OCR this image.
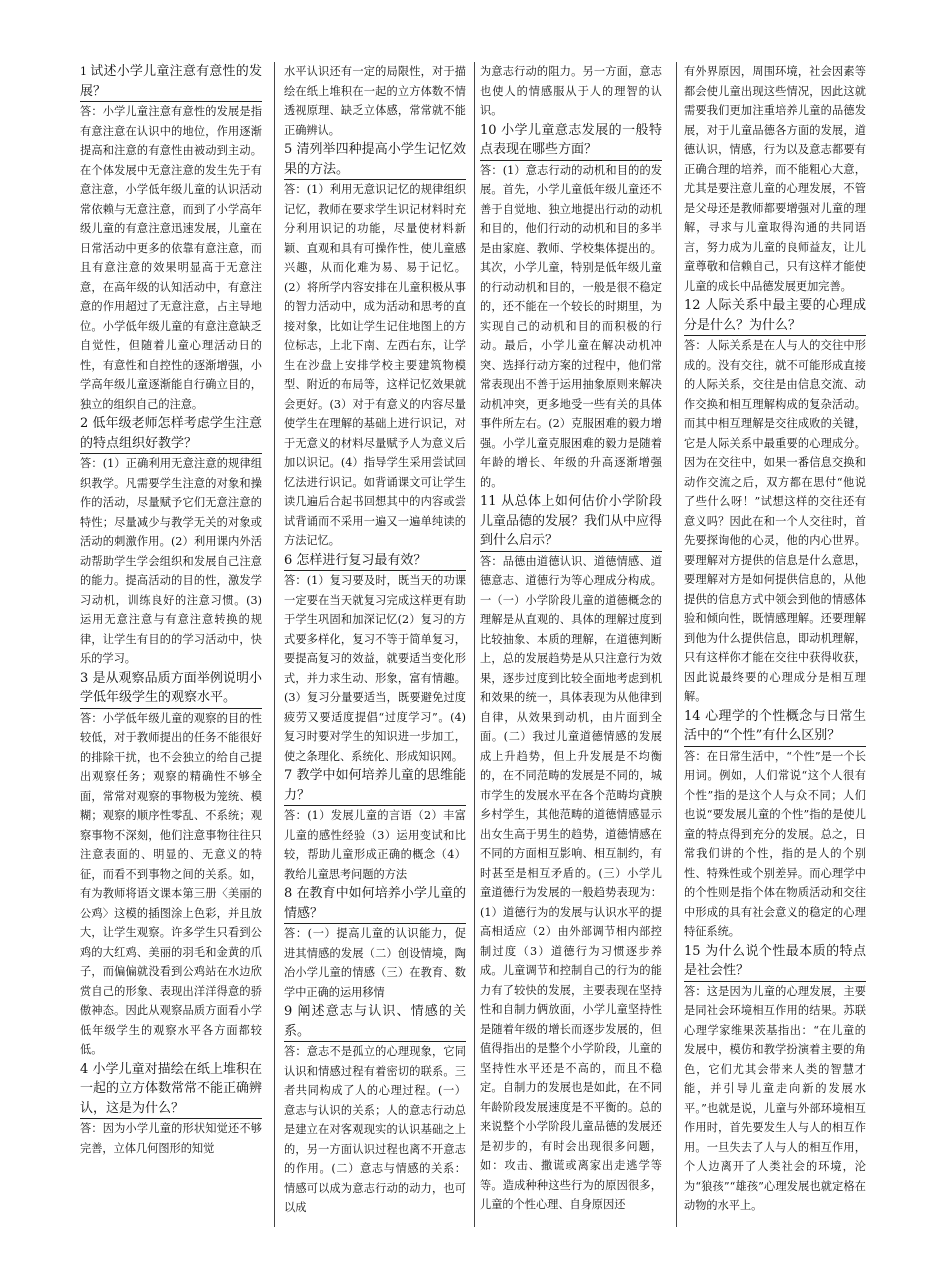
1 试述小学儿童注意有意性的发展？

答：小学儿童注意有意性的发展是指有意注意在认识中的地位，作用逐渐提高和注意的有意性由被动到主动。在个体发展中无意注意的发生先于有意注意，小学低年级儿童的认识活动常依赖与无意注意，而到了小学高年级儿童的有意注意迅速发展，儿童在日常活动中更多的依靠有意注意，而且有意注意的效果明显高于无意注意，在高年级的认知活动中，有意注意的作用超过了无意注意，占主导地位。小学低年级儿童的有意注意缺乏自觉性，但随着儿童心理活动日的性，有意性和自控性的逐渐增强，小学高年级儿童逐渐能自行确立目的，独立的组织自己的注意。

2 低年级老师怎样考虑学生注意的特点组织好教学？

答：(1）正确利用无意注意的规律组织教学。凡需要学生注意的对象和操作的活动，尽量赋予它们无意注意的特性；尽量减少与教学无关的对象或活动的刺激作用。(2）利用课内外活动帮助学生学会组织和发展自己注意的能力。提高活动的目的性，激发学习动机，训练良好的注意习惯。(3)运用无意注意与有意注意转换的规律，让学生有目的的学习活动中，快乐的学习。

3 是从观察品质方面举例说明小学低年级学生的观察水平。

答：小学低年级儿童的观察的目的性较低，对于教师提出的任务不能很好的排除干扰，也不会独立的给自己提出观察任务；观察的精确性不够全面，常常对观察的事物极为笼统、模糊；观察的顺序性零乱、不系统；观察事物不深刻，他们注意事物往往只注意表面的、明显的、无意义的特征，而看不到事物之间的关系。如，有为教师将语文课本第三册〈美丽的公鸡〉这模的插图涂上色彩，并且放大，让学生观察。许多学生只看到公鸡的大红鸡、美丽的羽毛和金黄的爪子，而偏偏就没看到公鸡站在水边欣赏自己的形象、表现出洋洋得意的骄傲神态。因此从观察品质方面看小学低年级学生的观察水平各方面都较低。

4 小学儿童对描绘在纸上堆积在一起的立方体数常常不能正确辨认，这是为什么？

答：因为小学儿童的形状知觉还不够完善，立体几何图形的知觉

水平认识还有一定的局限性，对于描绘在纸上堆积在一起的立方体数不情透视原理、缺乏立体感，常常就不能正确辨认。

5 清列举四种提高小学生记忆效果的方法。

答：(1）利用无意识记忆的规律组织记忆，教师在要求学生识记材料时充分利用识记的功能，尽量使材料新颖、直观和具有可操作性，使儿童感兴趣，从而化难为易、易于记忆。(2）将所学内容安排在儿童积极从事的智力活动中，成为活动和思考的直接对象，比如让学生记住地图上的方位标志，上北下南、左西右东，让学生在沙盘上安排学校主要建筑物模型、附近的布局等，这样记忆效果就会更好。(3）对于有意义的内容尽量使学生在理解的基础上进行识记，对于无意义的材料尽量赋予人为意义后加以识记。(4）指导学生采用尝试回忆法进行识记。如背诵课文可让学生读几遍后合起书回想其中的内容或尝试背诵而不采用一遍又一遍单纯读的方法记忆。

6 怎样进行复习最有效？

答：(1）复习要及时，既当天的功课一定要在当天就复习完成这样更有助于学生巩固和加深记忆(2）复习的方式要多样化，复习不等于简单复习，要提高复习的效益，就要适当变化形式，并力求生动、形象，富有情趣。(3）复习分量要适当，既要避免过度疲劳又要适度提倡“过度学习”。(4)复习时要对学生的知识进一步加工，使之条理化、系统化、形成知识网。

7 教学中如何培养儿童的思维能力？

答：(1）发展儿童的言语（2）丰富儿童的感性经验（3）运用变试和比较，帮助儿童形成正确的概念（4）教给儿童思考问题的方法

8 在教育中如何培养小学儿童的情感？

答：(一）提高儿童的认识能力，促进其情感的发展（二）创设情境，陶冶小学儿童的情感（三）在教育、数学中正确的运用移情

9 阐述意志与认识、情感的关系。

答：意志不是孤立的心理现象，它同认识和情感过程有着密切的联系。三者共同构成了人的心理过程。(一）意志与认识的关系；人的意志行动总是建立在对客观现实的认识基础之上的，另一方面认识过程也离不开意志的作用。(二）意志与情感的关系：情感可以成为意志行动的动力，也可以成

为意志行动的阻力。另一方面，意志也使人的情感服从于人的理智的认识。

10 小学儿童意志发展的一般特点表现在哪些方面？

答：(1）意志行动的动机和目的的发展。首先，小学儿童低年级儿童还不善于自觉地、独立地提出行动的动机和目的，他们行动的动机和目的多半是由家庭、教师、学校集体提出的。其次，小学儿童，特别是低年级儿童的行动动机和目的，一般是很不稳定的，还不能在一个较长的时期里，为实现自己的动机和目的而积极的行动。最后，小学儿童在解决动机冲突、选择行动方案的过程中，他们常常表现出不善于运用抽象原则来解决动机冲突，更多地受一些有关的具体事件所左右。(2）克服困难的毅力增强。小学儿童克服困难的毅力是随着年龄的增长、年级的升高逐渐增强的。

11 从总体上如何估价小学阶段儿童品德的发展？我们从中应得到什么启示？

答：品德由道德认识、道德情感、道德意志、道德行为等心理成分构成。一（一）小学阶段儿童的道德概念的理解是从直观的、具体的理解过度到比较抽象、本质的理解，在道德判断上，总的发展趋势是从只注意行为效果，逐步过度到比较全面地考虑到机和效果的统一，具体表现为从他律到自律，从效果到动机，由片面到全面。(二）我过儿童道德情感的发展成上升趋势，但上升发展是不均衡的，在不同范畴的发展是不同的，城市学生的发展水平在各个范畴均貣腴乡村学生，其他范畴的道德情感显示出女生高于男生的趋势，道德情感在不同的方面相互影响、相互制约，有时甚至是相互矛盾的。(三）小学儿童道德行为发展的一般趋势表现为：(1）道德行为的发展与认识水平的提高相适应（2）由外部调节相内部控制过度（3）道德行为习惯逐步养成。儿童调节和控制自己的行为的能力有了较快的发展，主要表现在坚持性和自制力俩放面，小学儿童坚持性是随着年级的增长而逐步发展的，但值得指出的是整个小学阶段，儿童的坚持性水平还是不高的，而且不稳定。自制力的发展也是如此，在不同年龄阶段发展速度是不平衡的。总的来说整个小学阶段儿童品德的发展还是初步的，有时会出现很多问题，如：攻击、撒谎或离家出走逃学等等。造成种种这些行为的原因很多，儿童的个性心理、自身原因还

有外界原因，周围环境，社会因素等都会使儿童出现这些情况，因此这就需要我们更加注重培养儿童的品德发展，对于儿童品德各方面的发展，道德认识，情感，行为以及意志都要有正确合理的培养，而不能粗心大意，尤其是要注意儿童的心理发展，不管是父母还是教师都要增强对儿童的理解，寻求与儿童取得沟通的共同语言，努力成为儿童的良师益友，让儿童尊敬和信赖自己，只有这样才能使儿童的成长中品德发展更加完善。

12 人际关系中最主要的心理成分是什么？为什么？

答：人际关系是在人与人的交往中形成的。没有交往，就不可能形成直接的人际关系，交往是由信息交流、动作交换和相互理解构成的复杂活动。而其中相互理解是交往成败的关键，它是人际关系中最重要的心理成分。因为在交往中，如果一番信息交换和动作交流之后，双方都在思付“他说了些什么呀！”试想这样的交往还有意义吗？因此在和一个人交往时，首先要探询他的心灵，他的内心世界。要理解对方提供的信息是什么意思，要理解对方是如何提供信息的，从他提供的信息方式中领会到他的情感体验和倾向性，既情感理解。还要理解到他为什么提供信息，即动机理解，只有这样你才能在交往中获得收获，因此说最终要的心理成分是相互理解。

14 心理学的个性概念与日常生活中的“个性”有什么区别？

答：在日常生活中，“个性”是一个长用词。例如，人们常说“这个人很有个性”指的是这个人与众不同；人们也说“要发展儿童的个性”指的是使儿童的特点得到充分的发展。总之，日常我们讲的个性，指的是人的个别性、特殊性或个别差异。而心理学中的个性则是指个体在物质活动和交往中形成的具有社会意义的稳定的心理特征系统。

15 为什么说个性最本质的特点是社会性？

答：这是因为儿童的心理发展，主要是同社会环境相互作用的结果。苏联心理学家维果茨基指出：“在儿童的发展中，模仿和教学扮演着主要的角色，它们尤其会带来人类的智慧才能，并引导儿童走向新的发展水平。”也就是说，儿童与外部环境相互作用时，首先要发生人与人的相互作用。一旦失去了人与人的相互作用，个人边离开了人类社会的环境，沦为“狼孩”“雄孩”心理发展也就定格在动物的水平上。
